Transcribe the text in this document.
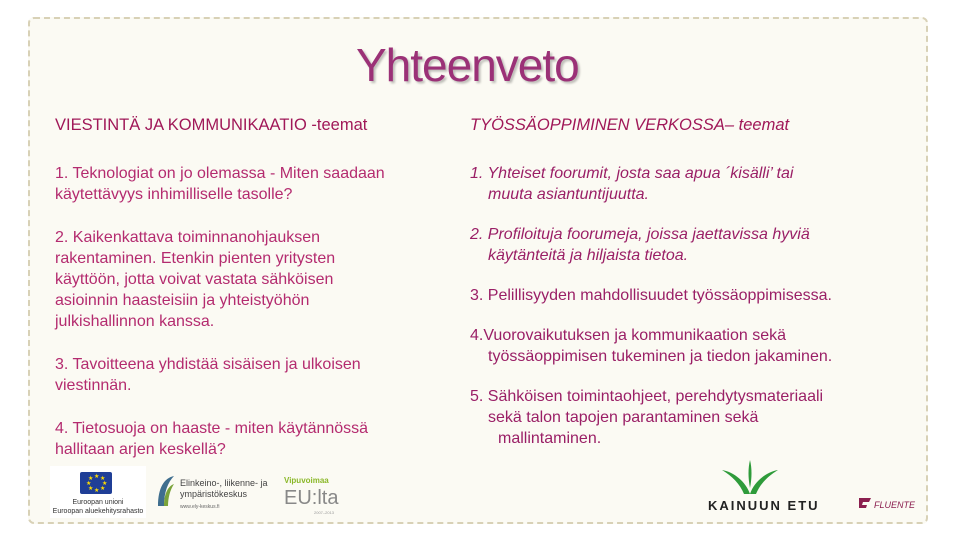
Yhteenveto
VIESTINTÄ JA KOMMUNIKAATIO -teemat
1. Teknologiat on jo olemassa - Miten saadaan
käytettävyys inhimilliselle tasolle?
2. Kaikenkattava toiminnanohjauksen
rakentaminen. Etenkin pienten yritysten
käyttöön, jotta voivat vastata sähköisen
asioinnin haasteisiin ja yhteistyöhön
julkishallinnon kanssa.
3. Tavoitteena yhdistää sisäisen ja ulkoisen
viestinnän.
4. Tietosuoja on haaste - miten käytännössä
hallitaan arjen keskellä?
TYÖSSÄOPPIMINEN VERKOSSA– teemat
1. Yhteiset foorumit, josta saa apua ´kisälli’ tai
muuta asiantuntijuutta.
2. Profiloituja foorumeja, joissa jaettavissa hyviä
käytänteitä ja hiljaista tietoa.
3. Pelillisyyden mahdollisuudet työssäoppimisessa.
4.Vuorovaikutuksen ja kommunikaation sekä
työssäoppimisen tukeminen ja tiedon jakaminen.
5. Sähköisen toimintaohjeet, perehdytysmateriaali
sekä talon tapojen parantaminen sekä
mallintaminen.
★ ★
★
★
★
★
★
★
Euroopan unioni
Euroopan aluekehitysrahasto
Elinkeino-, liikenne- ja
ympäristökeskus
www.ely-keskus.fi
Vipuvoimaa
EU:lta
2007–2013	KAINUUN ETU	FLUENTE
